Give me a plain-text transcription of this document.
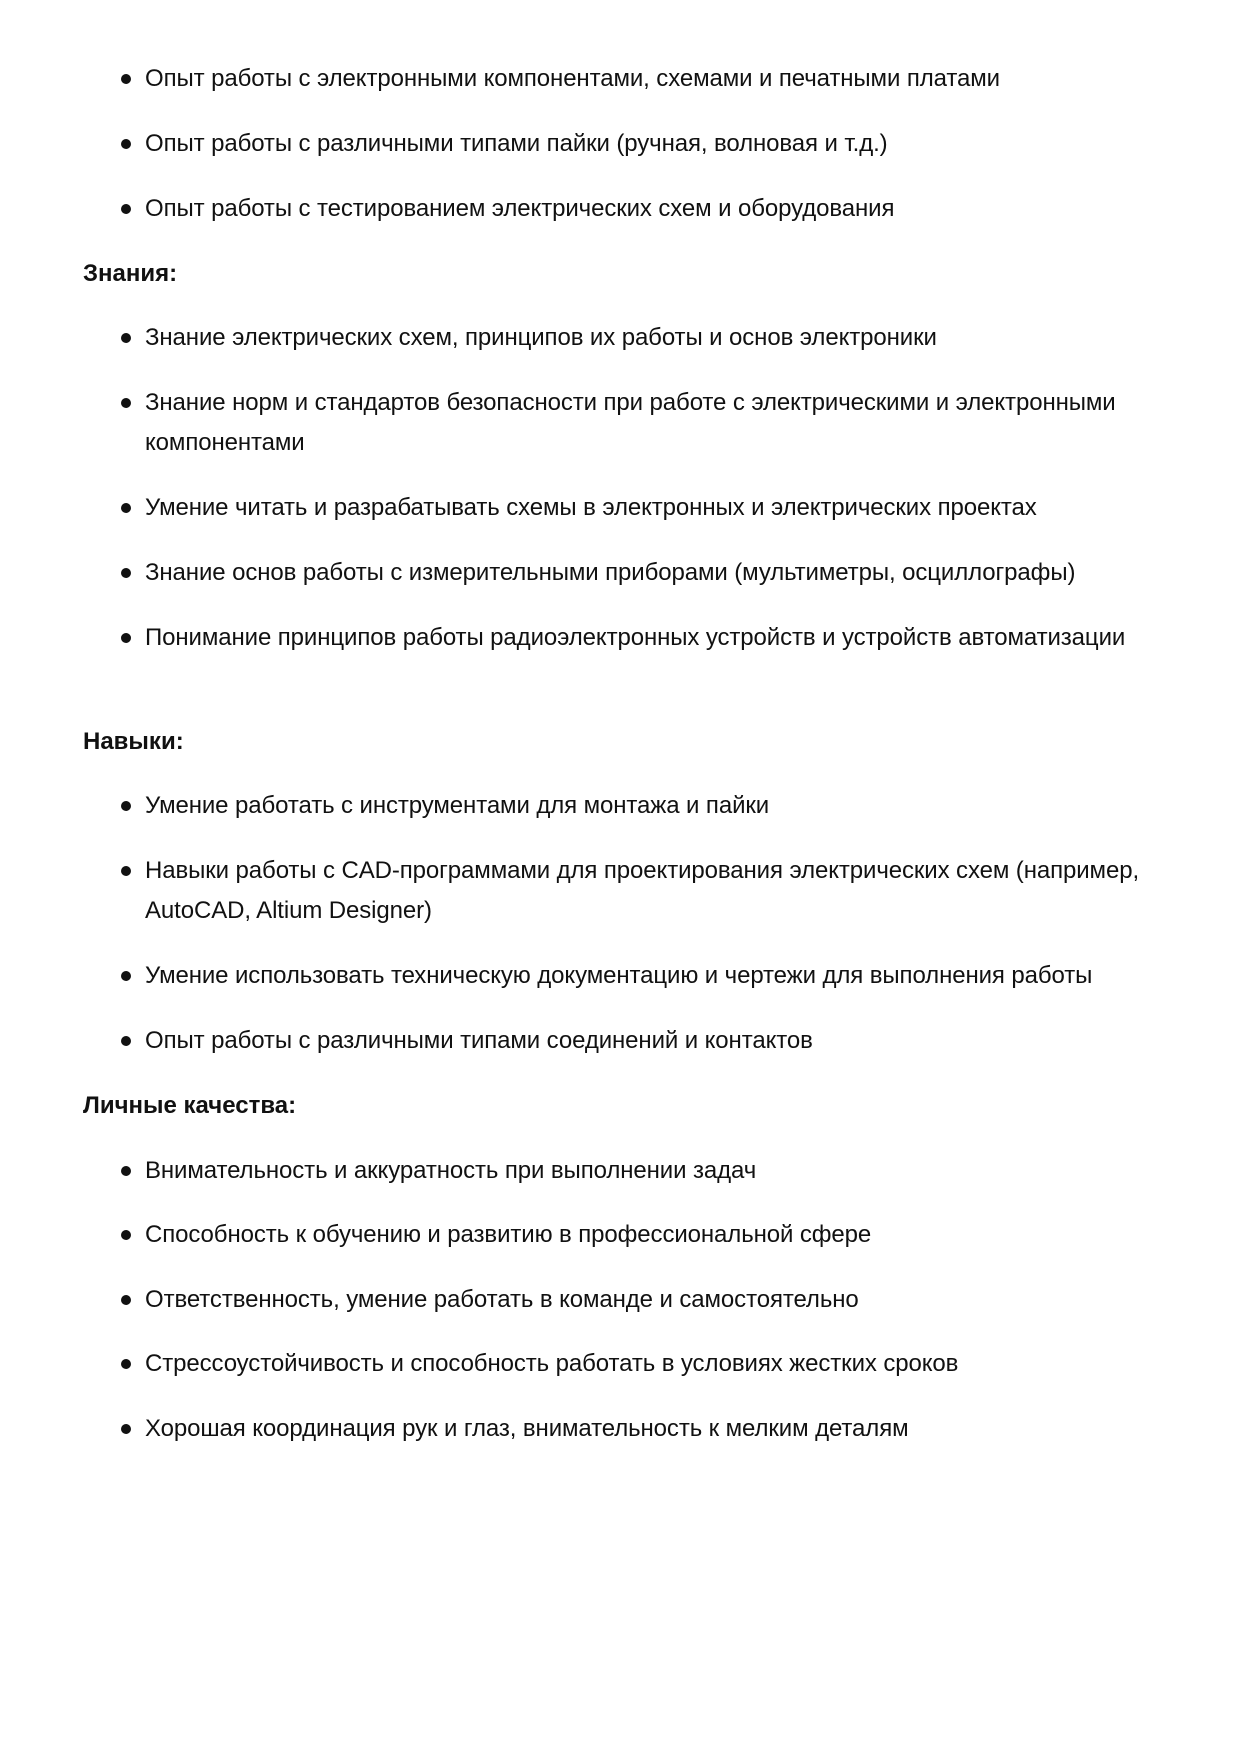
Опыт работы с электронными компонентами, схемами и печатными платами
Опыт работы с различными типами пайки (ручная, волновая и т.д.)
Опыт работы с тестированием электрических схем и оборудования
Знания:
Знание электрических схем, принципов их работы и основ электроники
Знание норм и стандартов безопасности при работе с электрическими и электронными компонентами
Умение читать и разрабатывать схемы в электронных и электрических проектах
Знание основ работы с измерительными приборами (мультиметры, осциллографы)
Понимание принципов работы радиоэлектронных устройств и устройств автоматизации
Навыки:
Умение работать с инструментами для монтажа и пайки
Навыки работы с CAD-программами для проектирования электрических схем (например, AutoCAD, Altium Designer)
Умение использовать техническую документацию и чертежи для выполнения работы
Опыт работы с различными типами соединений и контактов
Личные качества:
Внимательность и аккуратность при выполнении задач
Способность к обучению и развитию в профессиональной сфере
Ответственность, умение работать в команде и самостоятельно
Стрессоустойчивость и способность работать в условиях жестких сроков
Хорошая координация рук и глаз, внимательность к мелким деталям
